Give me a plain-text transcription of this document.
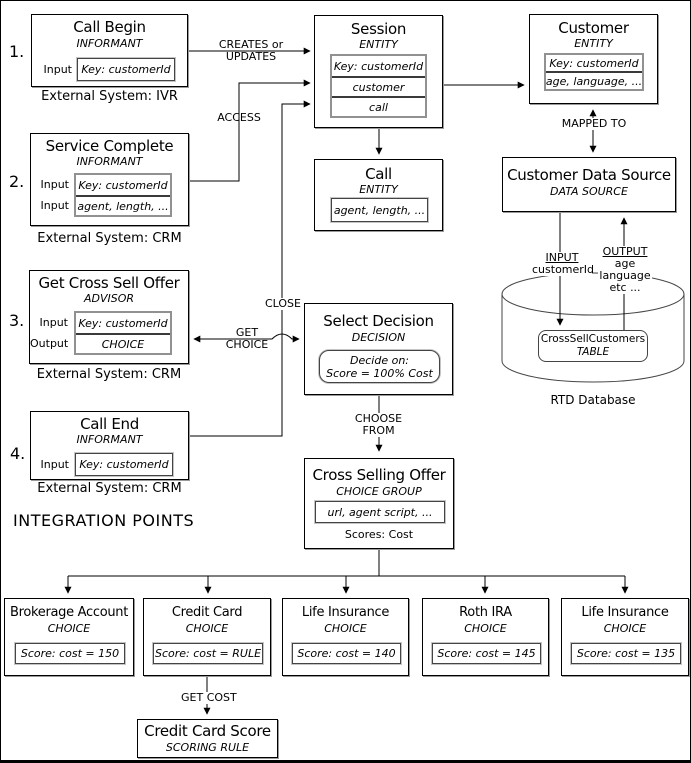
1.
2.
3.
4.
Call Begin
INFORMANT
Input Key: customerId
External System: IVR
Service Complete
INFORMANT
Input
Input
Key: customerId
agent, length, ...
External System: CRM
Get Cross Sell Offer
ADVISOR
Input
Output
Key: customerId
CHOICE
External System: CRM
Call End
INFORMANT
Input Key: customerId
External System: CRM
INTEGRATION POINTS
Session
ENTITY
Key: customerId
customer
call
Customer
ENTITY
Key: customerId
age, language, ...
Call
ENTITY
agent, length, ...
Customer Data Source
DATA SOURCE
MAPPED TO
INPUT
customerId
OUTPUT
age
language
etc ...
CrossSellCustomers
TABLE
RTD Database
Select Decision
DECISION
Decide on:
Score = 100% Cost
Cross Selling Offer
CHOICE GROUP
url, agent script, ...
Scores: Cost
CREATES or
UPDATES
ACCESS
CLOSE
GET
CHOICE
CHOOSE
FROM
GET COST
Brokerage Account
CHOICE
Score: cost = 150
Credit Card
CHOICE
Score: cost = RULE
Life Insurance
CHOICE
Score: cost = 140
Roth IRA
CHOICE
Score: cost = 145
Life Insurance
CHOICE
Score: cost = 135
Credit Card Score
SCORING RULE
